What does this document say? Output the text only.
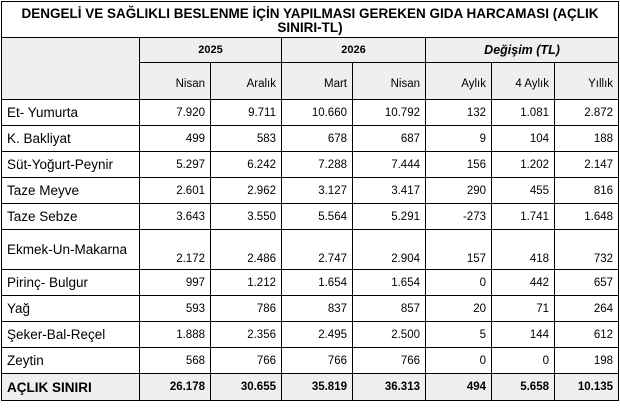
DENGELİ VE SAĞLIKLI BESLENME İÇİN YAPILMASI GEREKEN GIDA HARCAMASI (AÇLIK SINIRI-TL)							
	2025		2026		Değişim (TL)		
	Nisan	Aralık	Mart	Nisan	Aylık	4 Aylık	Yıllık
Et- Yumurta	7.920	9.711	10.660	10.792	132	1.081	2.872
K. Bakliyat	499	583	678	687	9	104	188
Süt-Yoğurt-Peynir	5.297	6.242	7.288	7.444	156	1.202	2.147
Taze Meyve	2.601	2.962	3.127	3.417	290	455	816
Taze Sebze	3.643	3.550	5.564	5.291	-273	1.741	1.648
Ekmek-Un-Makarna	2.172	2.486	2.747	2.904	157	418	732
Pirinç- Bulgur	997	1.212	1.654	1.654	0	442	657
Yağ	593	786	837	857	20	71	264
Şeker-Bal-Reçel	1.888	2.356	2.495	2.500	5	144	612
Zeytin	568	766	766	766	0	0	198
AÇLIK SINIRI	26.178	30.655	35.819	36.313	494	5.658	10.135
